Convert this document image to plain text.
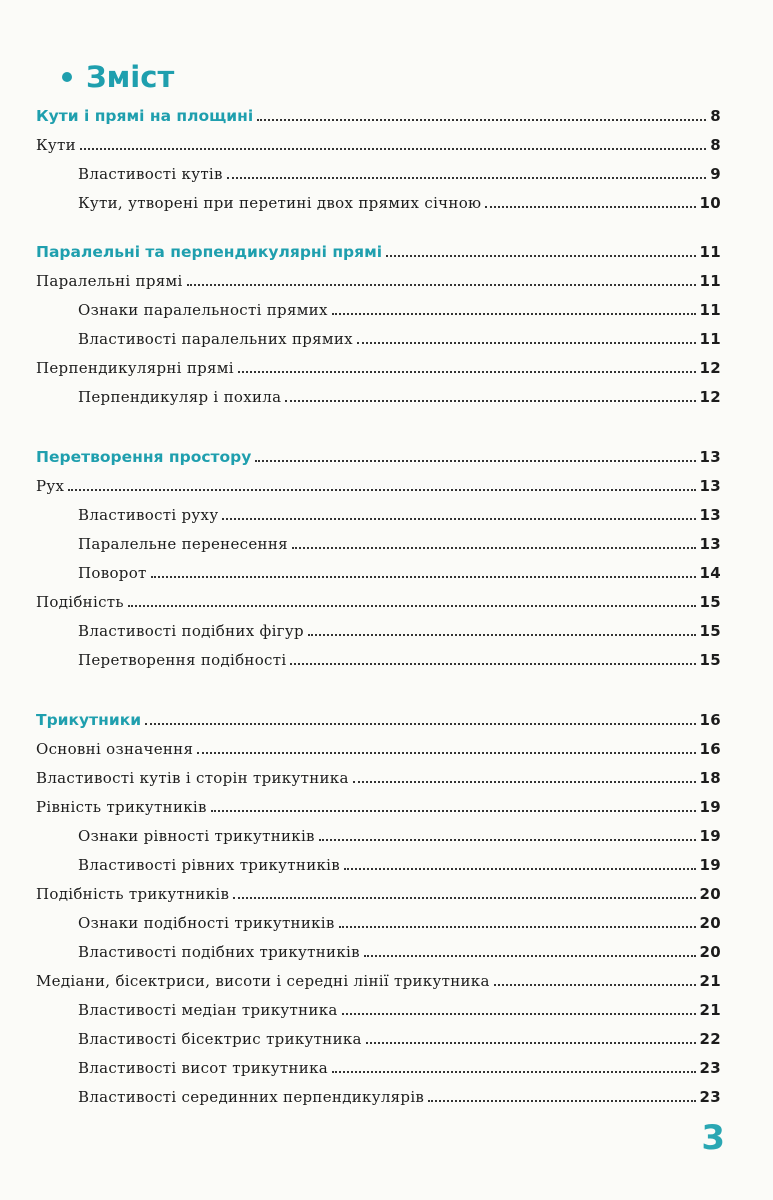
Зміст
Кути і прямі на площині	8
Кути	8
Властивості кутів	9
Кути, утворені при перетині двох прямих січною	10
Паралельні та перпендикулярні прямі	11
Паралельні прямі	11
Ознаки паралельності прямих	11
Властивості паралельних прямих	11
Перпендикулярні прямі	12
Перпендикуляр і похила	12
Перетворення простору	13
Рух	13
Властивості руху	13
Паралельне перенесення	13
Поворот	14
Подібність	15
Властивості подібних фігур	15
Перетворення подібності	15
Трикутники	16
Основні означення	16
Властивості кутів і сторін трикутника	18
Рівність трикутників	19
Ознаки рівності трикутників	19
Властивості рівних трикутників	19
Подібність трикутників	20
Ознаки подібності трикутників	20
Властивості подібних трикутників	20
Медіани, бісектриси, висоти і середні лінії трикутника	21
Властивості медіан трикутника	21
Властивості бісектрис трикутника	22
Властивості висот трикутника	23
Властивості серединних перпендикулярів	23
3
